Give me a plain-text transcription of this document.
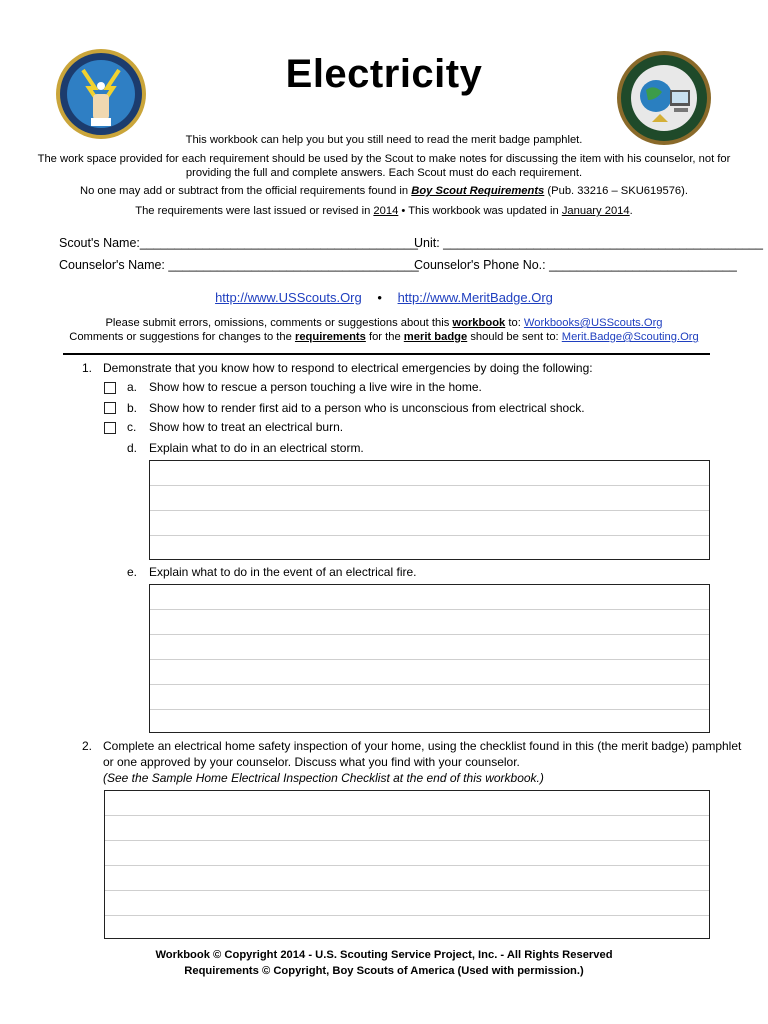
Electricity
This workbook can help you but you still need to read the merit badge pamphlet.
The work space provided for each requirement should be used by the Scout to make notes for discussing the item with his counselor, not for
providing the full and complete answers. Each Scout must do each requirement.
No one may add or subtract from the official requirements found in Boy Scout Requirements (Pub. 33216 – SKU619576).
The requirements were last issued or revised in 2014 • This workbook was updated in January 2014.
Scout's Name:________________________________________
Unit: ______________________________________________
Counselor's Name: ____________________________________
Counselor's Phone No.: ___________________________
http://www.USScouts.Org • http://www.MeritBadge.Org
Please submit errors, omissions, comments or suggestions about this workbook to: Workbooks@USScouts.Org
Comments or suggestions for changes to the requirements for the merit badge should be sent to: Merit.Badge@Scouting.Org
1. Demonstrate that you know how to respond to electrical emergencies by doing the following:
a. Show how to rescue a person touching a live wire in the home.
b. Show how to render first aid to a person who is unconscious from electrical shock.
c. Show how to treat an electrical burn.
d. Explain what to do in an electrical storm.
e. Explain what to do in the event of an electrical fire.
2. Complete an electrical home safety inspection of your home, using the checklist found in this (the merit badge) pamphlet
or one approved by your counselor. Discuss what you find with your counselor.
(See the Sample Home Electrical Inspection Checklist at the end of this workbook.)
Workbook © Copyright 2014 - U.S. Scouting Service Project, Inc. - All Rights Reserved
Requirements © Copyright, Boy Scouts of America (Used with permission.)
